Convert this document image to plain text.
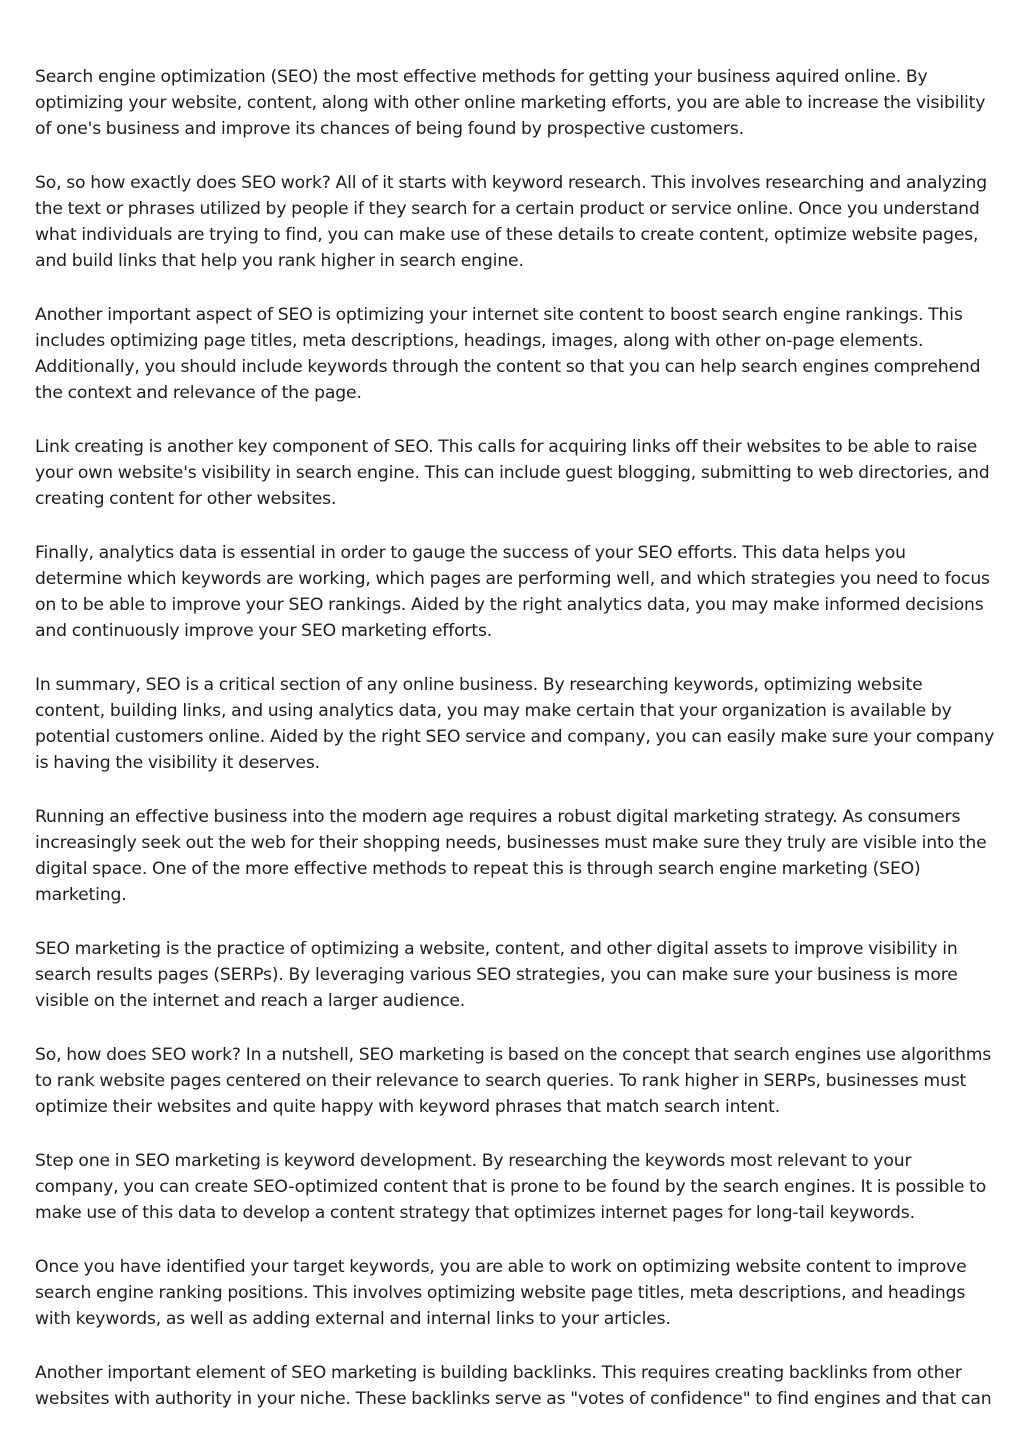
Search engine optimization (SEO) the most effective methods for getting your business aquired online. By optimizing your website, content, along with other online marketing efforts, you are able to increase the visibility of one's business and improve its chances of being found by prospective customers.

So, so how exactly does SEO work? All of it starts with keyword research. This involves researching and analyzing the text or phrases utilized by people if they search for a certain product or service online. Once you understand what individuals are trying to find, you can make use of these details to create content, optimize website pages, and build links that help you rank higher in search engine.

Another important aspect of SEO is optimizing your internet site content to boost search engine rankings. This includes optimizing page titles, meta descriptions, headings, images, along with other on-page elements. Additionally, you should include keywords through the content so that you can help search engines comprehend the context and relevance of the page.

Link creating is another key component of SEO. This calls for acquiring links off their websites to be able to raise your own website's visibility in search engine. This can include guest blogging, submitting to web directories, and creating content for other websites.

Finally, analytics data is essential in order to gauge the success of your SEO efforts. This data helps you determine which keywords are working, which pages are performing well, and which strategies you need to focus on to be able to improve your SEO rankings. Aided by the right analytics data, you may make informed decisions and continuously improve your SEO marketing efforts.

In summary, SEO is a critical section of any online business. By researching keywords, optimizing website content, building links, and using analytics data, you may make certain that your organization is available by potential customers online. Aided by the right SEO service and company, you can easily make sure your company is having the visibility it deserves.

Running an effective business into the modern age requires a robust digital marketing strategy. As consumers increasingly seek out the web for their shopping needs, businesses must make sure they truly are visible into the digital space. One of the more effective methods to repeat this is through search engine marketing (SEO) marketing.

SEO marketing is the practice of optimizing a website, content, and other digital assets to improve visibility in search results pages (SERPs). By leveraging various SEO strategies, you can make sure your business is more visible on the internet and reach a larger audience.

So, how does SEO work? In a nutshell, SEO marketing is based on the concept that search engines use algorithms to rank website pages centered on their relevance to search queries. To rank higher in SERPs, businesses must optimize their websites and quite happy with keyword phrases that match search intent.

Step one in SEO marketing is keyword development. By researching the keywords most relevant to your company, you can create SEO-optimized content that is prone to be found by the search engines. It is possible to make use of this data to develop a content strategy that optimizes internet pages for long-tail keywords.

Once you have identified your target keywords, you are able to work on optimizing website content to improve search engine ranking positions. This involves optimizing website page titles, meta descriptions, and headings with keywords, as well as adding external and internal links to your articles.

Another important element of SEO marketing is building backlinks. This requires creating backlinks from other websites with authority in your niche. These backlinks serve as "votes of confidence" to find engines and that can
